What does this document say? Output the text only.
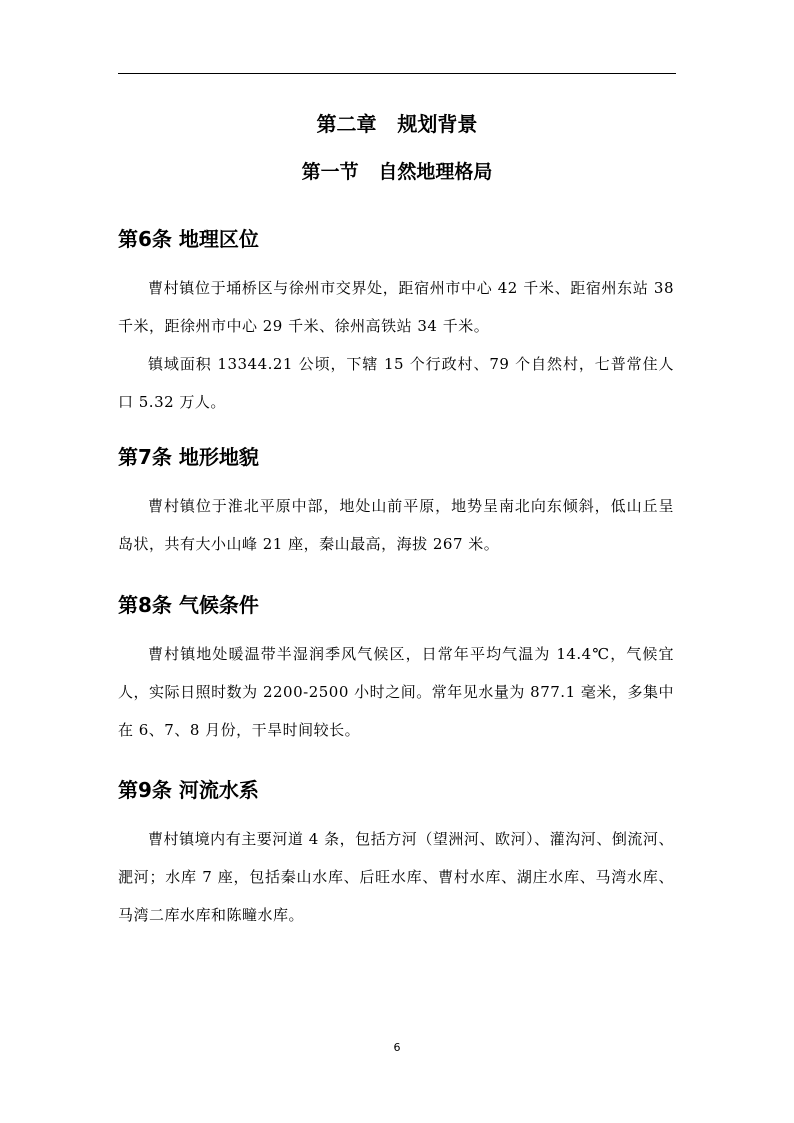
第二章   规划背景
第一节   自然地理格局
第6条 地理区位

曹村镇位于埇桥区与徐州市交界处，距宿州市中心 42 千米、距宿州东站 38 千米，距徐州市中心 29 千米、徐州高铁站 34 千米。

镇域面积 13344.21 公顷，下辖 15 个行政村、79 个自然村，七普常住人口 5.32 万人。

第7条 地形地貌

曹村镇位于淮北平原中部，地处山前平原，地势呈南北向东倾斜，低山丘呈岛状，共有大小山峰 21 座，秦山最高，海拔 267 米。

第8条 气候条件

曹村镇地处暖温带半湿润季风气候区，日常年平均气温为 14.4℃，气候宜人，实际日照时数为 2200-2500 小时之间。常年见水量为 877.1 毫米，多集中在 6、7、8 月份，干旱时间较长。

第9条 河流水系

曹村镇境内有主要河道 4 条，包括方河（望洲河、欧河）、灌沟河、倒流河、淝河；水库 7 座，包括秦山水库、后旺水库、曹村水库、湖庄水库、马湾水库、马湾二库水库和陈疃水库。

6
